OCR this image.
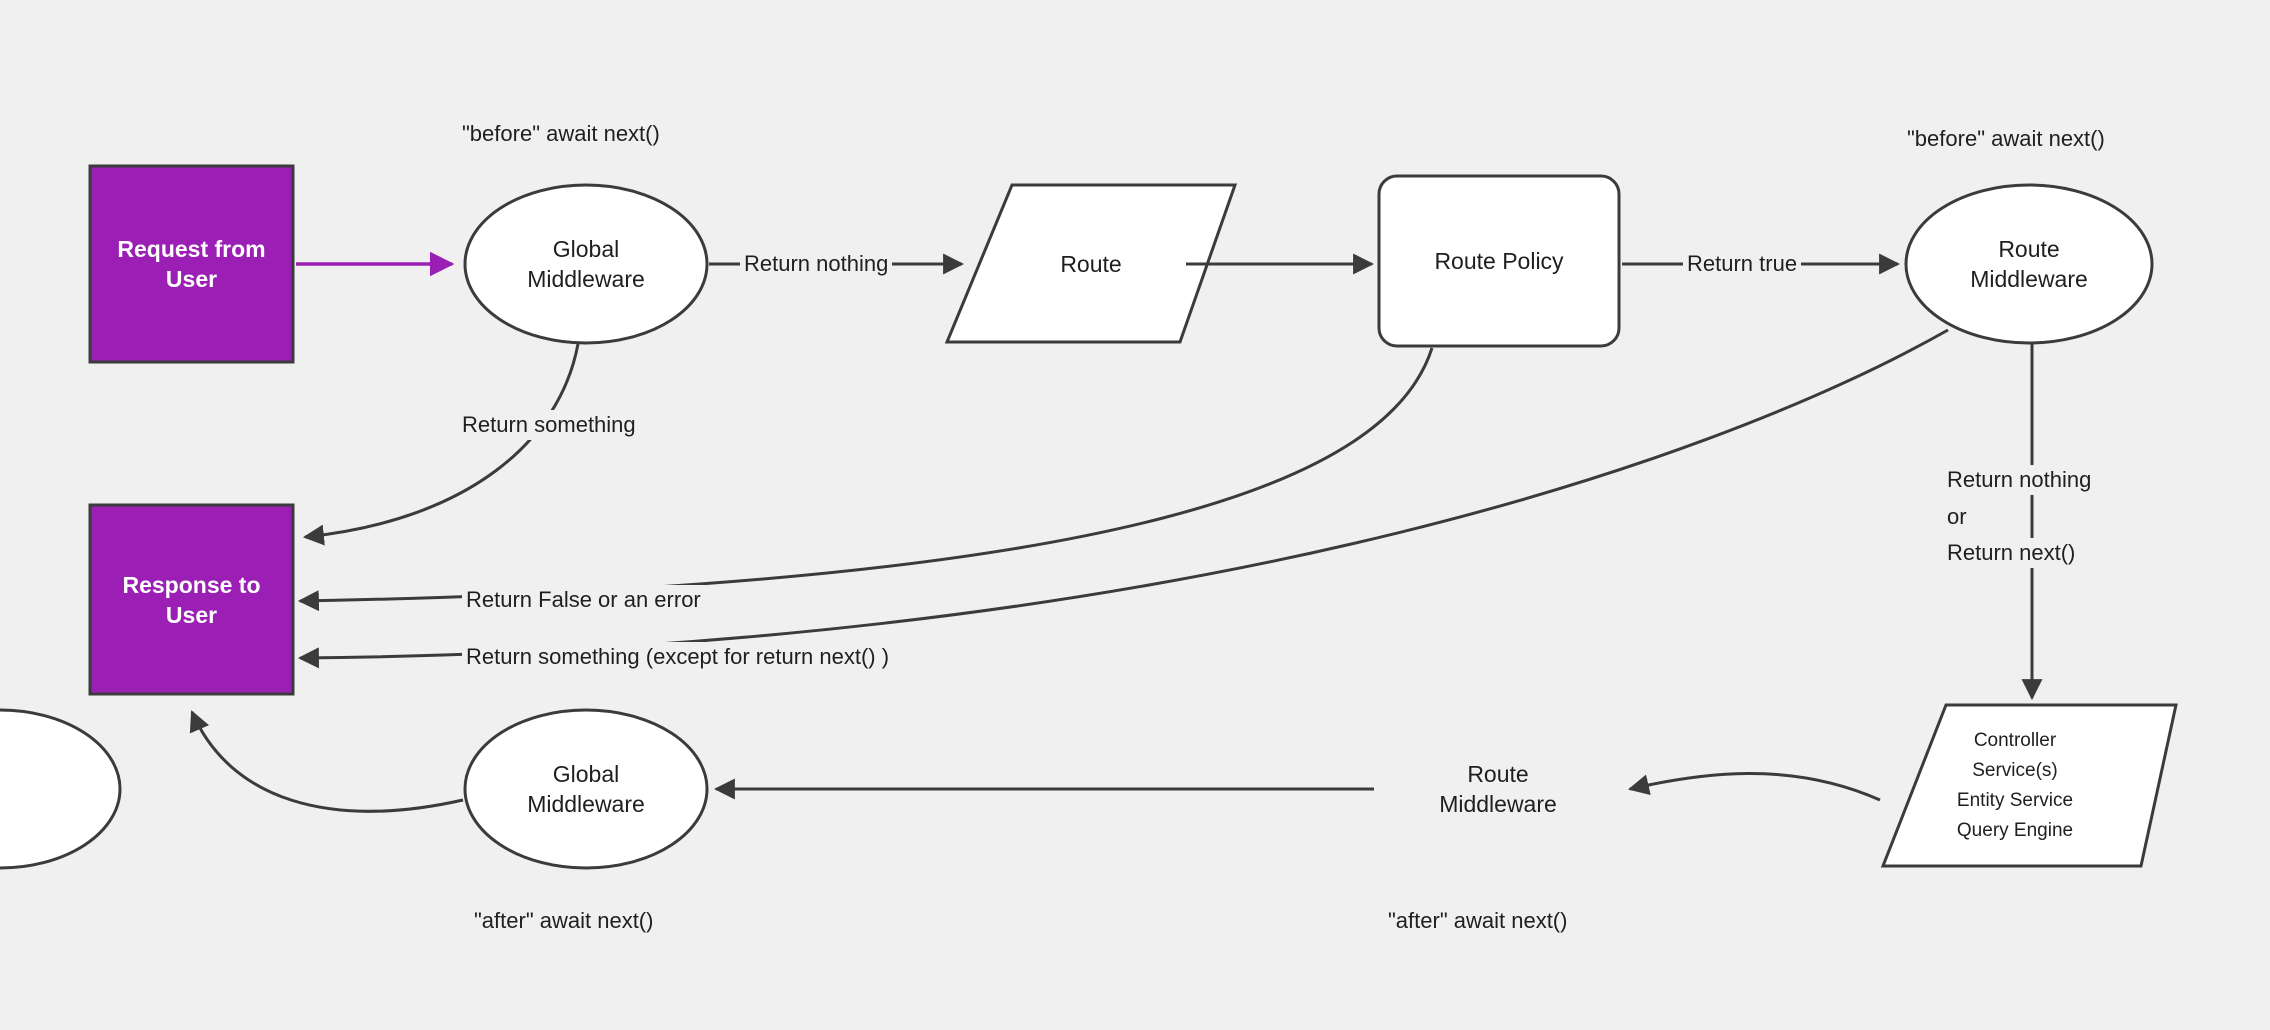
Request from
User
Global
Middleware
Route	Route Policy	Route
Middleware
Controller
Service(s)
Entity Service
Query Engine
Route
Middleware
Global
Middleware
Response to
User
"before" await next()	"before" await next()
"after" await next()	"after" await next()
Return nothing	Return true
Return something
Return False or an error
Return something (except for return next() )
Return nothing
or
Return next()
